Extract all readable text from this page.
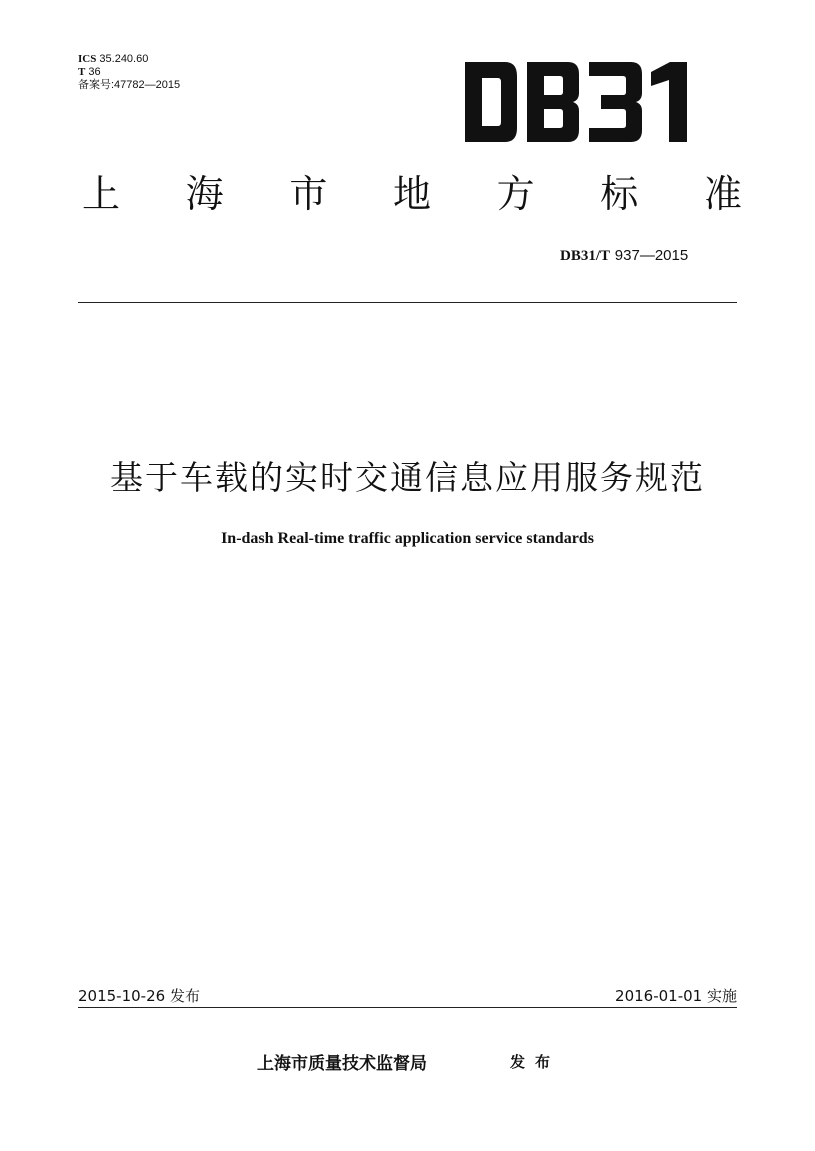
ICS 35.240.60
T 36
备案号:47782—2015
上 海 市 地 方 标 准
DB31/T 937—2015
基于车载的实时交通信息应用服务规范
In-dash Real-time traffic application service standards
2015-10-26 发布	2016-01-01 实施
上海市质量技术监督局	发布
